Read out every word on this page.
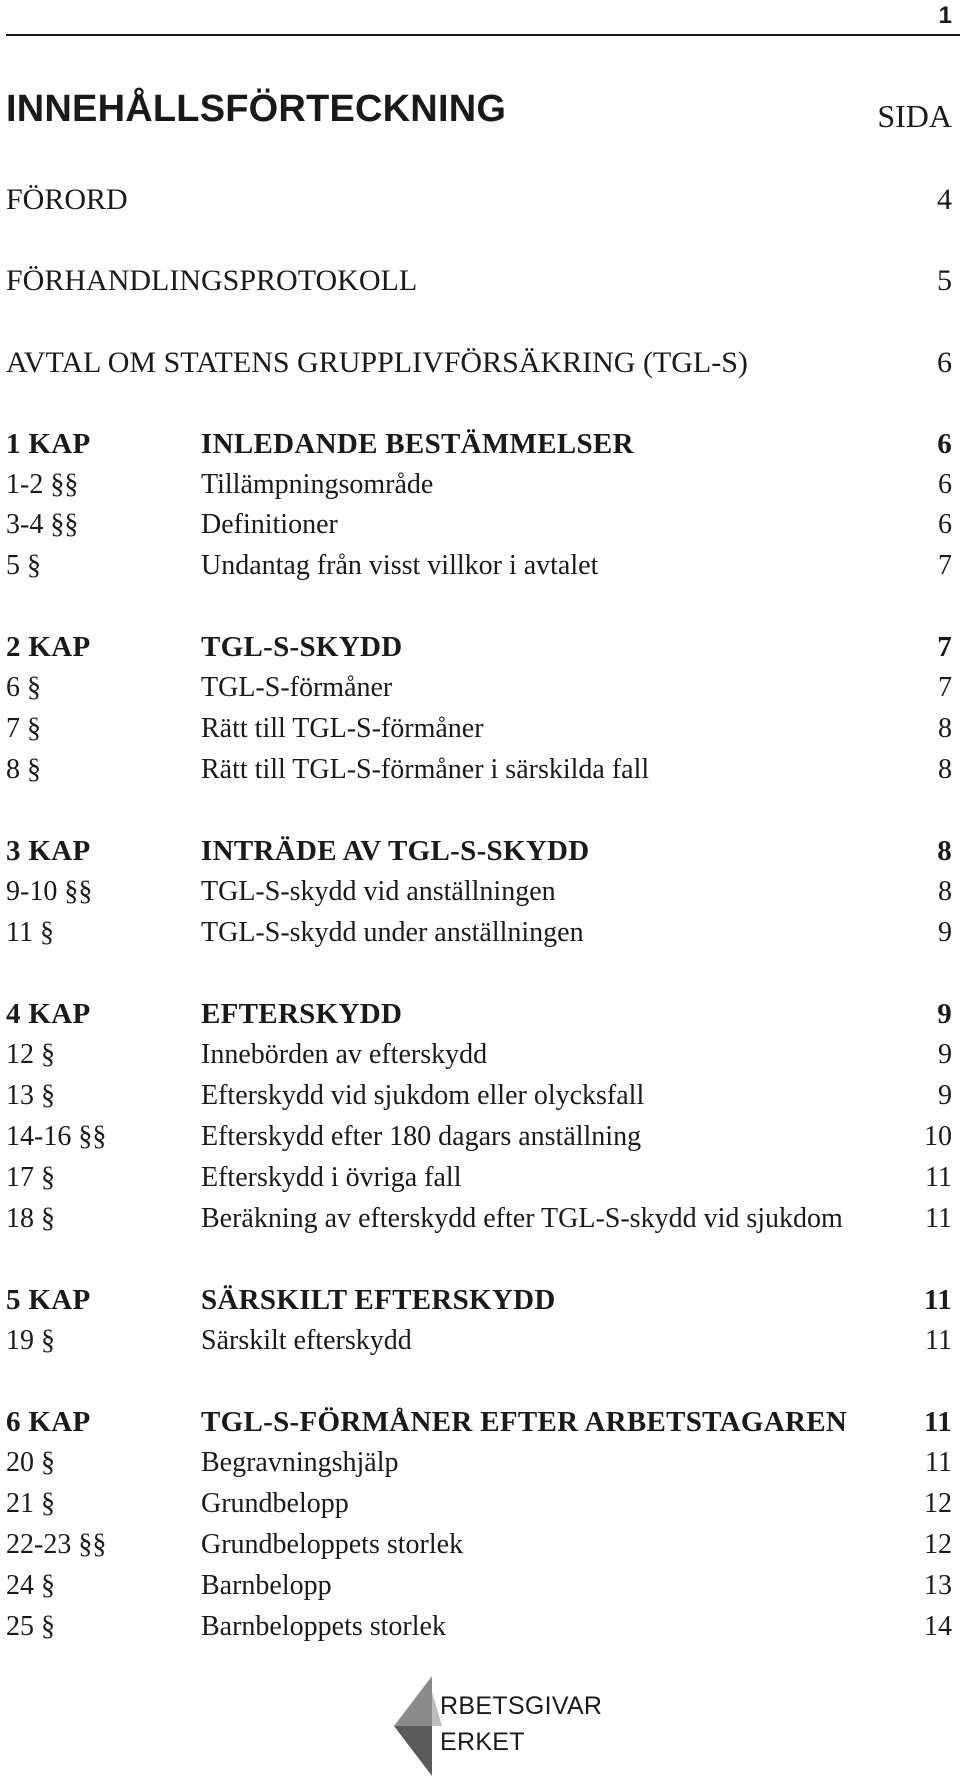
1
INNEHÅLLSFÖRTECKNING	SIDA
FÖRORD	4
FÖRHANDLINGSPROTOKOLL	5
AVTAL OM STATENS GRUPPLIVFÖRSÄKRING (TGL-S)	6
1 KAP	INLEDANDE BESTÄMMELSER	6
1-2 §§	Tillämpningsområde	6
3-4 §§	Definitioner	6
5 §	Undantag från visst villkor i avtalet	7
2 KAP	TGL-S-SKYDD	7
6 §	TGL-S-förmåner	7
7 §	Rätt till TGL-S-förmåner	8
8 §	Rätt till TGL-S-förmåner i särskilda fall	8
3 KAP	INTRÄDE AV TGL-S-SKYDD	8
9-10 §§	TGL-S-skydd vid anställningen	8
11 §	TGL-S-skydd under anställningen	9
4 KAP	EFTERSKYDD	9
12 §	Innebörden av efterskydd	9
13 §	Efterskydd vid sjukdom eller olycksfall	9
14-16 §§	Efterskydd efter 180 dagars anställning	10
17 §	Efterskydd i övriga fall	11
18 §	Beräkning av efterskydd efter TGL-S-skydd vid sjukdom	11
5 KAP	SÄRSKILT EFTERSKYDD	11
19 §	Särskilt efterskydd	11
6 KAP	TGL-S-FÖRMÅNER EFTER ARBETSTAGAREN	11
20 §	Begravningshjälp	11
21 §	Grundbelopp	12
22-23 §§	Grundbeloppets storlek	12
24 §	Barnbelopp	13
25 §	Barnbeloppets storlek	14
RBETSGIVAR
ERKET
